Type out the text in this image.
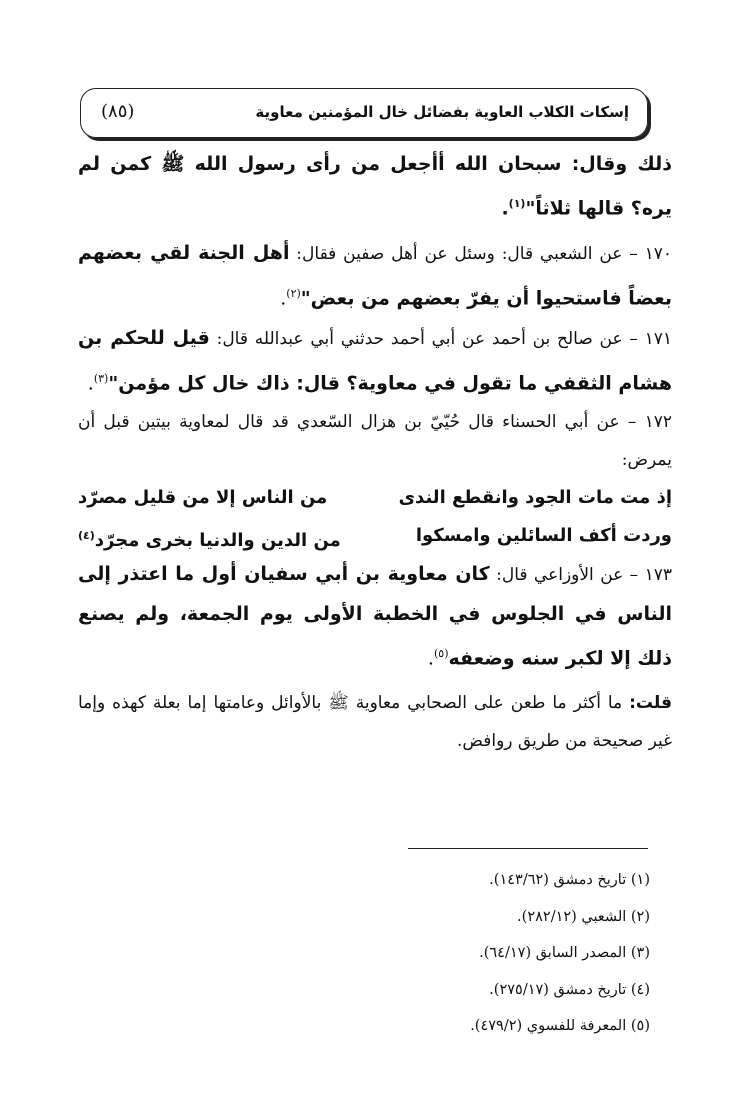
إسكات الكلاب العاوية بفضائل خال المؤمنين معاوية
(٨٥)

ذلك وقال: سبحان الله أأجعل من رأى رسول الله ﷺ كمن لم يره؟ قالها ثلاثاً"$^{(١)}$.

١٧٠ – عن الشعبي قال: وسئل عن أهل صفين فقال: أهل الجنة لقي بعضهم بعضاً فاستحيوا أن يفرّ بعضهم من بعض"$^{(٢)}$.

١٧١ – عن صالح بن أحمد عن أبي أحمد حدثني أبي عبدالله قال: قيل للحكم بن هشام الثقفي ما تقول في معاوية؟ قال: ذاك خال كل مؤمن"$^{(٣)}$.

١٧٢ – عن أبي الحسناء قال حُيّيّ بن هزال السّعدي قد قال لمعاوية بيتين قبل أن يمرض:

إذ مت مات الجود وانقطع الندى
من الناس إلا من قليل مصرّد
وردت أكف السائلين وامسكوا
من الدين والدنيا بخرى مجرّد$^{(٤)}$

١٧٣ – عن الأوزاعي قال: كان معاوية بن أبي سفيان أول ما اعتذر إلى الناس في الجلوس في الخطبة الأولى يوم الجمعة، ولم يصنع ذلك إلا لكبر سنه وضعفه$^{(٥)}$.

قلت: ما أكثر ما طعن على الصحابي معاوية ﷺ بالأوائل وعامتها إما بعلة كهذه وإما غير صحيحة من طريق روافض.

(١) تاريخ دمشق (١٤٣/٦٢).
(٢) الشعبي (٢٨٢/١٢).
(٣) المصدر السابق (٦٤/١٧).
(٤) تاريخ دمشق (٢٧٥/١٧).
(٥) المعرفة للفسوي (٤٧٩/٢).
